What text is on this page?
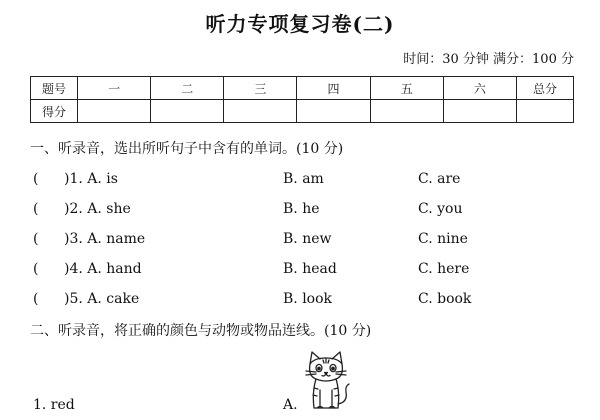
听力专项复习卷(二)
时间：30 分钟 满分：100 分
题号	一	二	三	四	五	六	总分
得分							
一、听录音，选出所听句子中含有的单词。(10 分)
( )1. A. is	B. am	C. are
( )2. A. she	B. he	C. you
( )3. A. name	B. new	C. nine
( )4. A. hand	B. head	C. here
( )5. A. cake	B. look	C. book
二、听录音，将正确的颜色与动物或物品连线。(10 分)
1. red	A.
